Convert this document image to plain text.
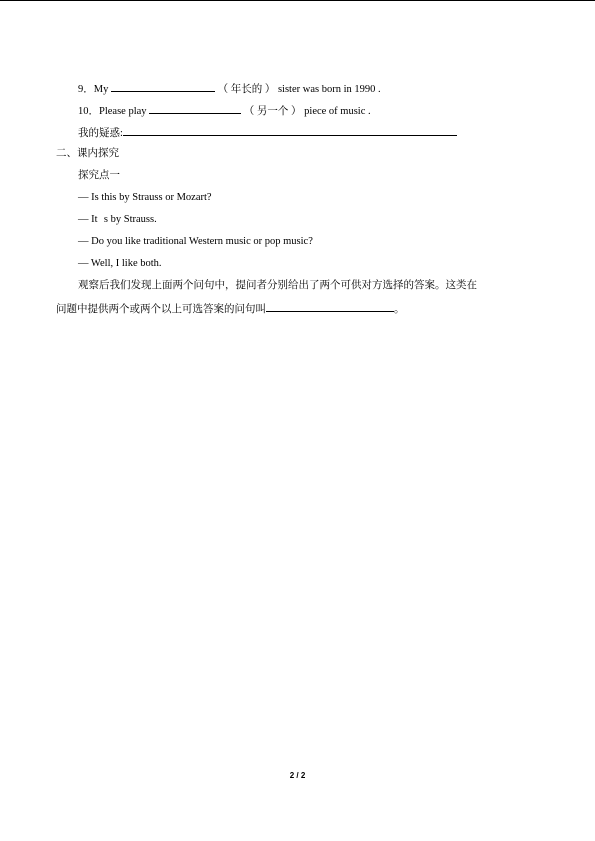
9．My	（ 年长的 ） sister was born in 1990 .
10．Please play	（ 另一个 ） piece of music .
我的疑惑:
二、课内探究
探究点一
— Is this by Strauss or Mozart?
— Its by Strauss.
— Do you like traditional Western music or pop music?
— Well, I like both.
观察后我们发现上面两个问句中，提问者分别给出了两个可供对方选择的答案。这类在
问题中提供两个或两个以上可选答案的问句叫	。
2 / 2
